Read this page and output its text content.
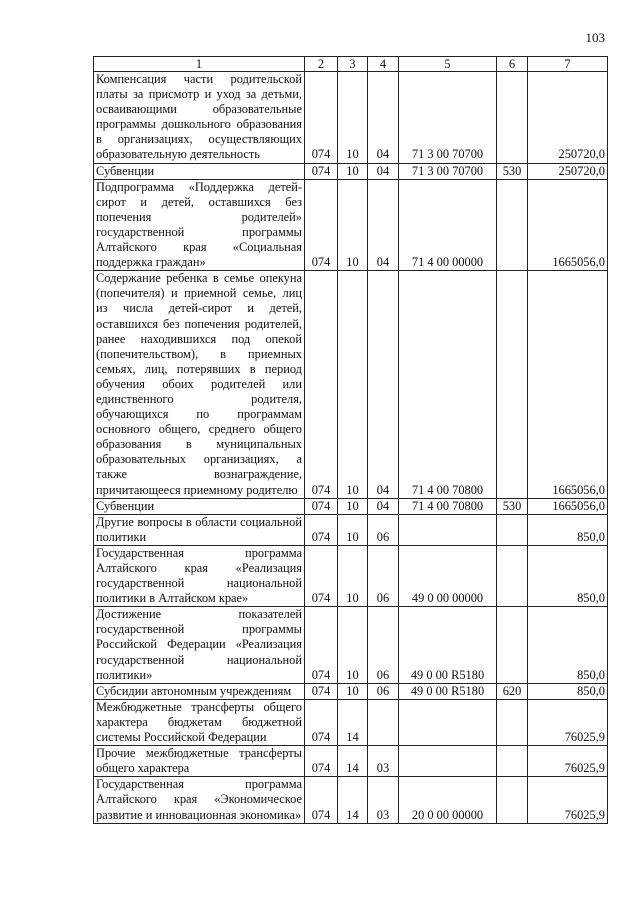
103
1	2	3	4	5	6	7
Компенсация части родительской платы за присмотр и уход за детьми, осваивающими образовательные программы дошкольного образования в организациях, осуществляющих образовательную деятельность	074	10	04	71 3 00 70700		250720,0
Субвенции	074	10	04	71 3 00 70700	530	250720,0
Подпрограмма «Поддержка детей-сирот и детей, оставшихся без попечения родителей» государственной программы Алтайского края «Социальная поддержка граждан»	074	10	04	71 4 00 00000		1665056,0
Содержание ребенка в семье опекуна (попечителя) и приемной семье, лиц из числа детей-сирот и детей, оставшихся без попечения родителей, ранее находившихся под опекой (попечительством), в приемных семьях, лиц, потерявших в период обучения обоих родителей или единственного родителя, обучающихся по программам основного общего, среднего общего образования в муниципальных образовательных организациях, а также вознаграждение, причитающееся приемному родителю	074	10	04	71 4 00 70800		1665056,0
Субвенции	074	10	04	71 4 00 70800	530	1665056,0
Другие вопросы в области социальной политики	074	10	06			850,0
Государственная программа Алтайского края «Реализация государственной национальной политики в Алтайском крае»	074	10	06	49 0 00 00000		850,0
Достижение показателей государственной программы Российской Федерации «Реализация государственной национальной политики»	074	10	06	49 0 00 R5180		850,0
Субсидии автономным учреждениям	074	10	06	49 0 00 R5180	620	850,0
Межбюджетные трансферты общего характера бюджетам бюджетной системы Российской Федерации	074	14				76025,9
Прочие межбюджетные трансферты общего характера	074	14	03			76025,9
Государственная программа Алтайского края «Экономическое развитие и инновационная экономика»	074	14	03	20 0 00 00000		76025,9
